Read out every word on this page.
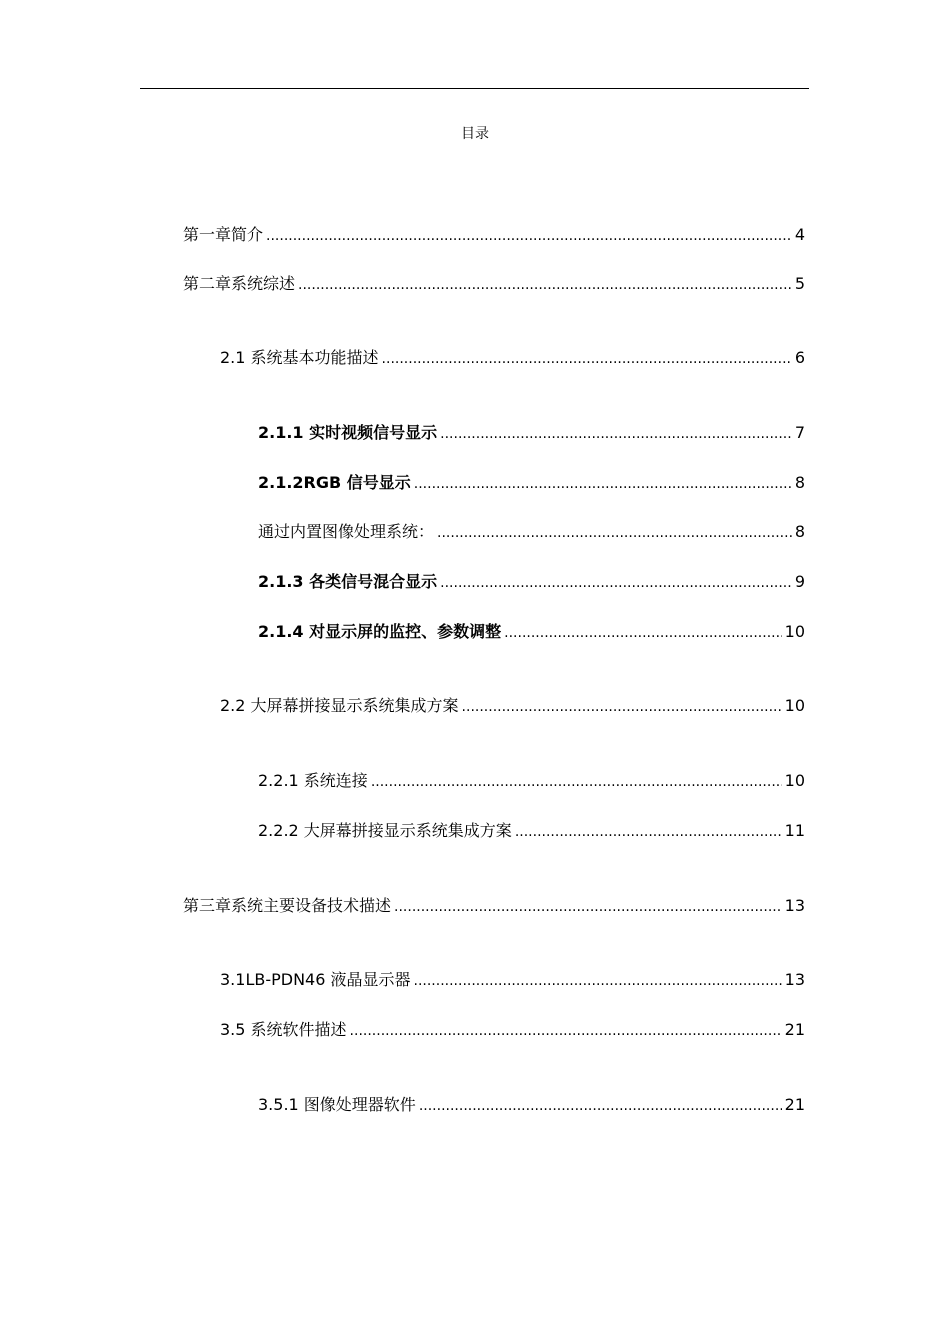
目录
第一章简介 .....	4
第二章系统综述 .....	5
2.1 系统基本功能描述 .....	6
2.1.1 实时视频信号显示 .....	7
2.1.2RGB 信号显示 .....	8
通过内置图像处理系统： .....	8
2.1.3 各类信号混合显示 .....	9
2.1.4 对显示屏的监控、参数调整 .....	10
2.2 大屏幕拼接显示系统集成方案 .....	10
2.2.1 系统连接 .....	10
2.2.2 大屏幕拼接显示系统集成方案 .....	11
第三章系统主要设备技术描述 .....	13
3.1LB-PDN46 液晶显示器 .....	13
3.5 系统软件描述 .....	21
3.5.1 图像处理器软件 .....	21
